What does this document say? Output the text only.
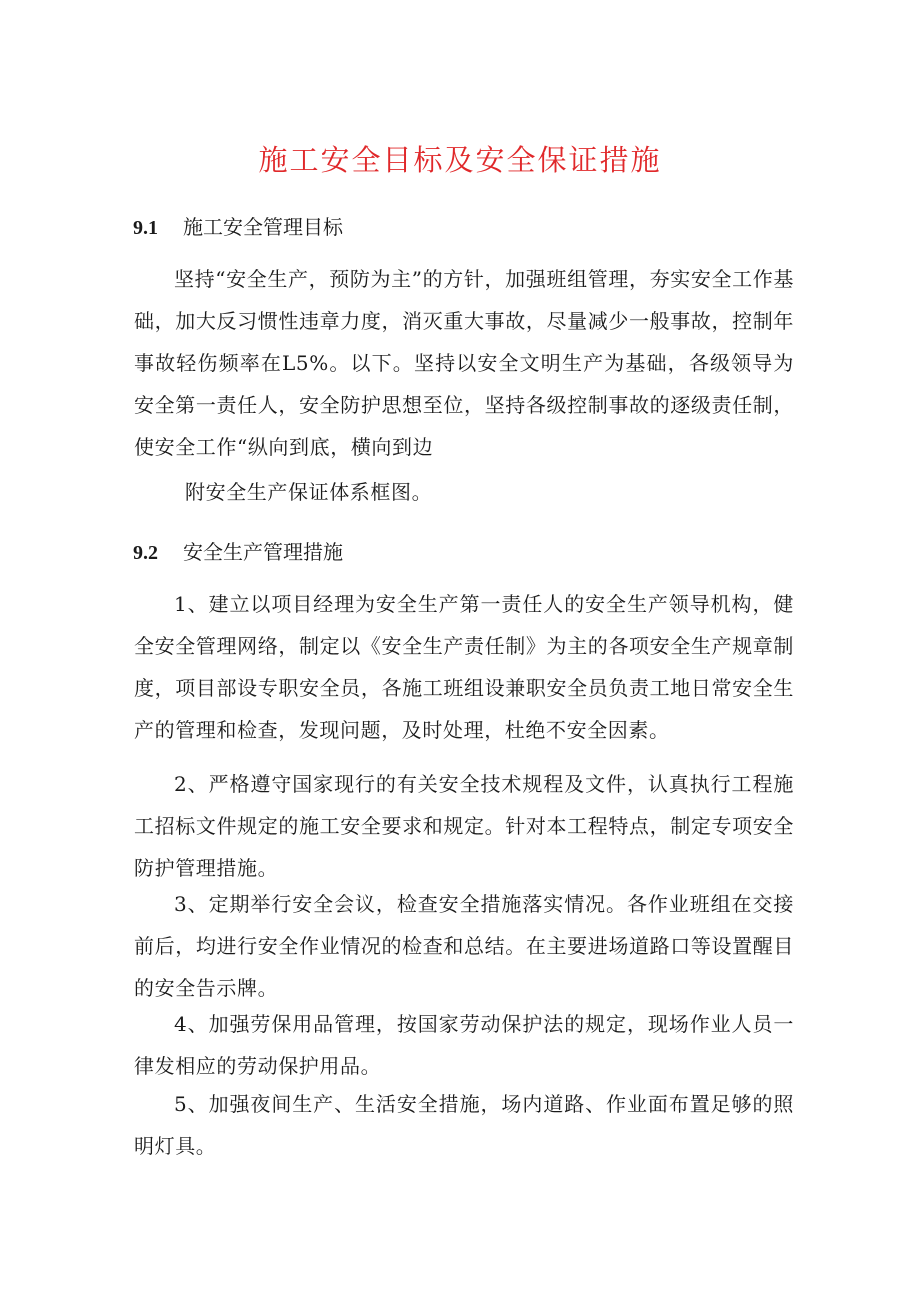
施工安全目标及安全保证措施
9.1 施工安全管理目标

坚持“安全生产，预防为主”的方针，加强班组管理，夯实安全工作基础，加大反习惯性违章力度，消灭重大事故，尽量减少一般事故，控制年事故轻伤频率在L5%。以下。坚持以安全文明生产为基础，各级领导为安全第一责任人，安全防护思想至位，坚持各级控制事故的逐级责任制，使安全工作“纵向到底，横向到边

附安全生产保证体系框图。

9.2 安全生产管理措施

1、建立以项目经理为安全生产第一责任人的安全生产领导机构，健全安全管理网络，制定以《安全生产责任制》为主的各项安全生产规章制度，项目部设专职安全员，各施工班组设兼职安全员负责工地日常安全生产的管理和检查，发现问题，及时处理，杜绝不安全因素。

2、严格遵守国家现行的有关安全技术规程及文件，认真执行工程施工招标文件规定的施工安全要求和规定。针对本工程特点，制定专项安全防护管理措施。

3、定期举行安全会议，检查安全措施落实情况。各作业班组在交接前后，均进行安全作业情况的检查和总结。在主要进场道路口等设置醒目的安全告示牌。

4、加强劳保用品管理，按国家劳动保护法的规定，现场作业人员一律发相应的劳动保护用品。

5、加强夜间生产、生活安全措施，场内道路、作业面布置足够的照明灯具。
